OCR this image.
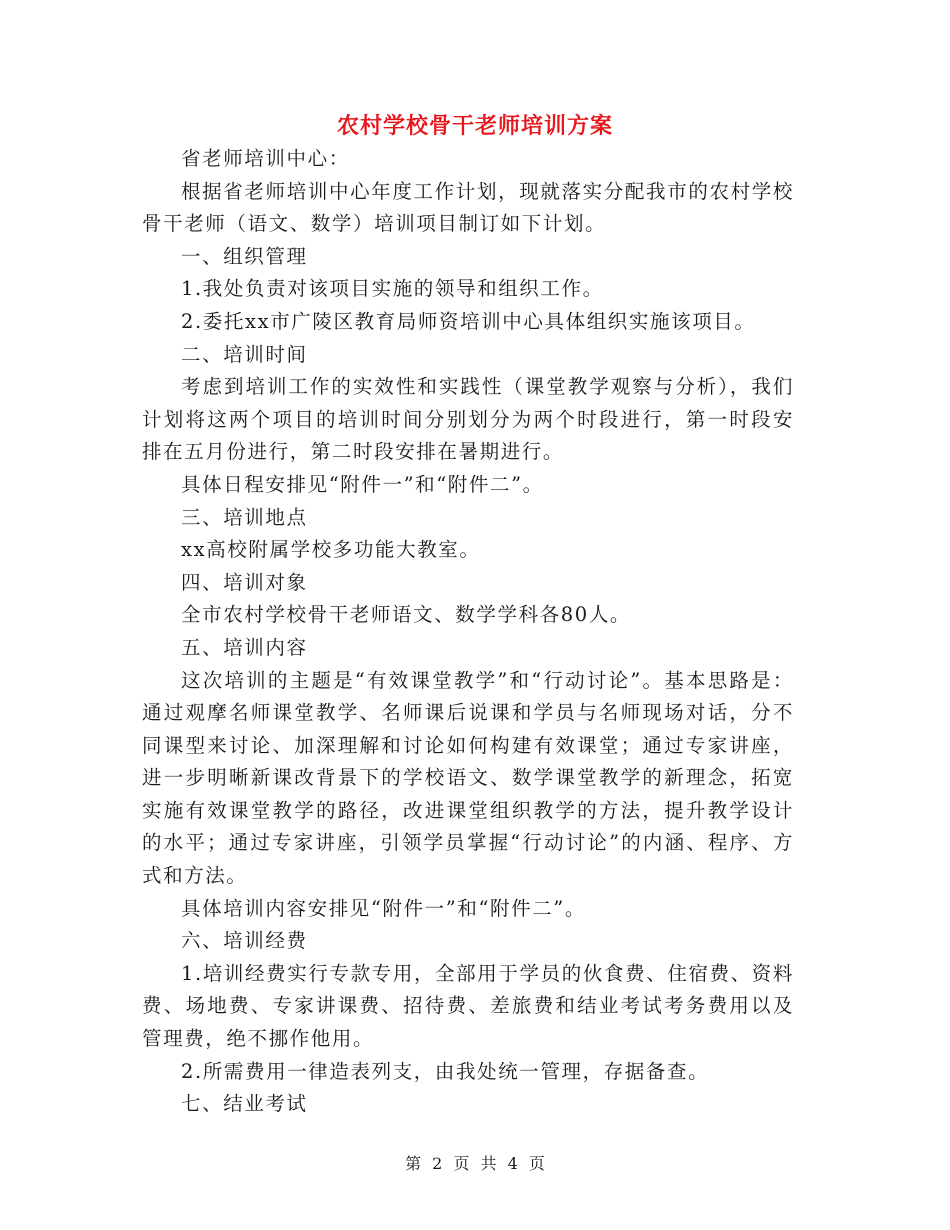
农村学校骨干老师培训方案

省老师培训中心：

根据省老师培训中心年度工作计划，现就落实分配我市的农村学校骨干老师（语文、数学）培训项目制订如下计划。

一、组织管理

1.我处负责对该项目实施的领导和组织工作。

2.委托xx市广陵区教育局师资培训中心具体组织实施该项目。

二、培训时间

考虑到培训工作的实效性和实践性（课堂教学观察与分析），我们计划将这两个项目的培训时间分别划分为两个时段进行，第一时段安排在五月份进行，第二时段安排在暑期进行。

具体日程安排见“附件一”和“附件二”。

三、培训地点

xx高校附属学校多功能大教室。

四、培训对象

全市农村学校骨干老师语文、数学学科各80人。

五、培训内容

这次培训的主题是“有效课堂教学”和“行动讨论”。基本思路是：通过观摩名师课堂教学、名师课后说课和学员与名师现场对话，分不同课型来讨论、加深理解和讨论如何构建有效课堂；通过专家讲座，进一步明晰新课改背景下的学校语文、数学课堂教学的新理念，拓宽实施有效课堂教学的路径，改进课堂组织教学的方法，提升教学设计的水平；通过专家讲座，引领学员掌握“行动讨论”的内涵、程序、方式和方法。

具体培训内容安排见“附件一”和“附件二”。

六、培训经费

1.培训经费实行专款专用，全部用于学员的伙食费、住宿费、资料费、场地费、专家讲课费、招待费、差旅费和结业考试考务费用以及管理费，绝不挪作他用。

2.所需费用一律造表列支，由我处统一管理，存据备查。

七、结业考试

第 2 页 共 4 页
